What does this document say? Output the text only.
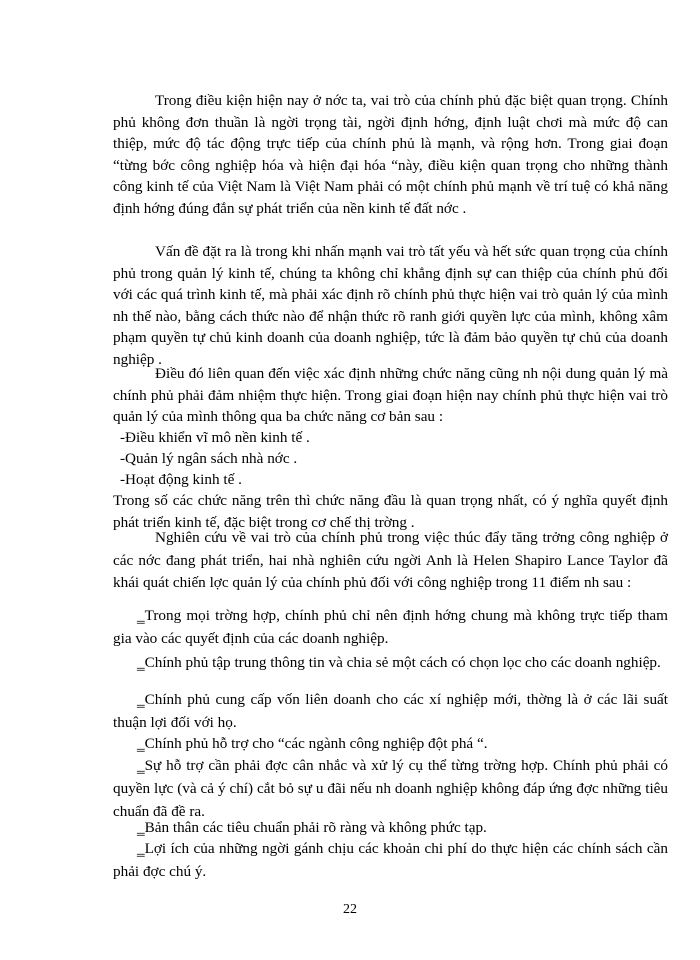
Trong điều kiện hiện nay ở nớc ta, vai trò của chính phủ đặc biệt quan trọng. Chính phủ không đơn thuần là ngời trọng tài, ngời định hớng, định luật chơi mà mức độ can thiệp, mức độ tác động trực tiếp của chính phủ là mạnh, và rộng hơn. Trong giai đoạn “từng bớc công nghiệp hóa và hiện đại hóa “này, điều kiện quan trọng cho những thành công kinh tế của Việt Nam là Việt Nam phải có một chính phủ mạnh về trí tuệ có khả năng định hớng đúng đắn sự phát triển của nền kinh tế đất nớc .

Vấn đề đặt ra là trong khi nhấn mạnh vai trò tất yếu và hết sức quan trọng của chính phủ trong quản lý kinh tế, chúng ta không chỉ khẳng định sự can thiệp của chính phủ đối với các quá trình kinh tế, mà phải xác định rõ chính phủ thực hiện vai trò quản lý của mình nh thế nào, bằng cách thức nào để nhận thức rõ ranh giới quyền lực của mình, không xâm phạm quyền tự chủ kinh doanh của doanh nghiệp, tức là đảm bảo quyền tự chủ của doanh nghiệp .

Điều đó liên quan đến việc xác định những chức năng cũng nh nội dung quản lý mà chính phủ phải đảm nhiệm thực hiện. Trong giai đoạn hiện nay chính phủ thực hiện vai trò quản lý của mình thông qua ba chức năng cơ bản sau :

-Điều khiển vĩ mô nền kinh tế .

-Quản lý ngân sách nhà nớc .

-Hoạt động kinh tế .

Trong số các chức năng trên thì chức năng đầu là quan trọng nhất, có ý nghĩa quyết định phát triển kinh tế, đặc biệt trong cơ chế thị trờng .

Nghiên cứu về vai trò của chính phủ trong việc thúc đẩy tăng trởng công nghiệp ở các nớc đang phát triển, hai nhà nghiên cứu ngời Anh là Helen Shapiro Lance Taylor đã khái quát chiến lợc quản lý của chính phủ đối với công nghiệp trong 11 điểm nh sau :

‗Trong mọi trờng hợp, chính phủ chỉ nên định hớng chung mà không trực tiếp tham gia vào các quyết định của các doanh nghiệp.

‗Chính phủ tập trung thông tin và chia sẻ một cách có chọn lọc cho các doanh nghiệp.

‗Chính phủ cung cấp vốn liên doanh cho các xí nghiệp mới, thờng là ở các lãi suất thuận lợi đối với họ.

‗Chính phủ hỗ trợ cho “các ngành công nghiệp đột phá “.

‗Sự hỗ trợ cần phải đợc cân nhắc và xử lý cụ thể từng trờng hợp. Chính phủ phải có quyền lực (và cả ý chí) cắt bỏ sự u đãi nếu nh doanh nghiệp không đáp ứng đợc những tiêu chuẩn đã đề ra.

‗Bản thân các tiêu chuẩn phải rõ ràng và không phức tạp.

‗Lợi ích của những ngời gánh chịu các khoản chi phí do thực hiện các chính sách cần phải đợc chú ý.

22
